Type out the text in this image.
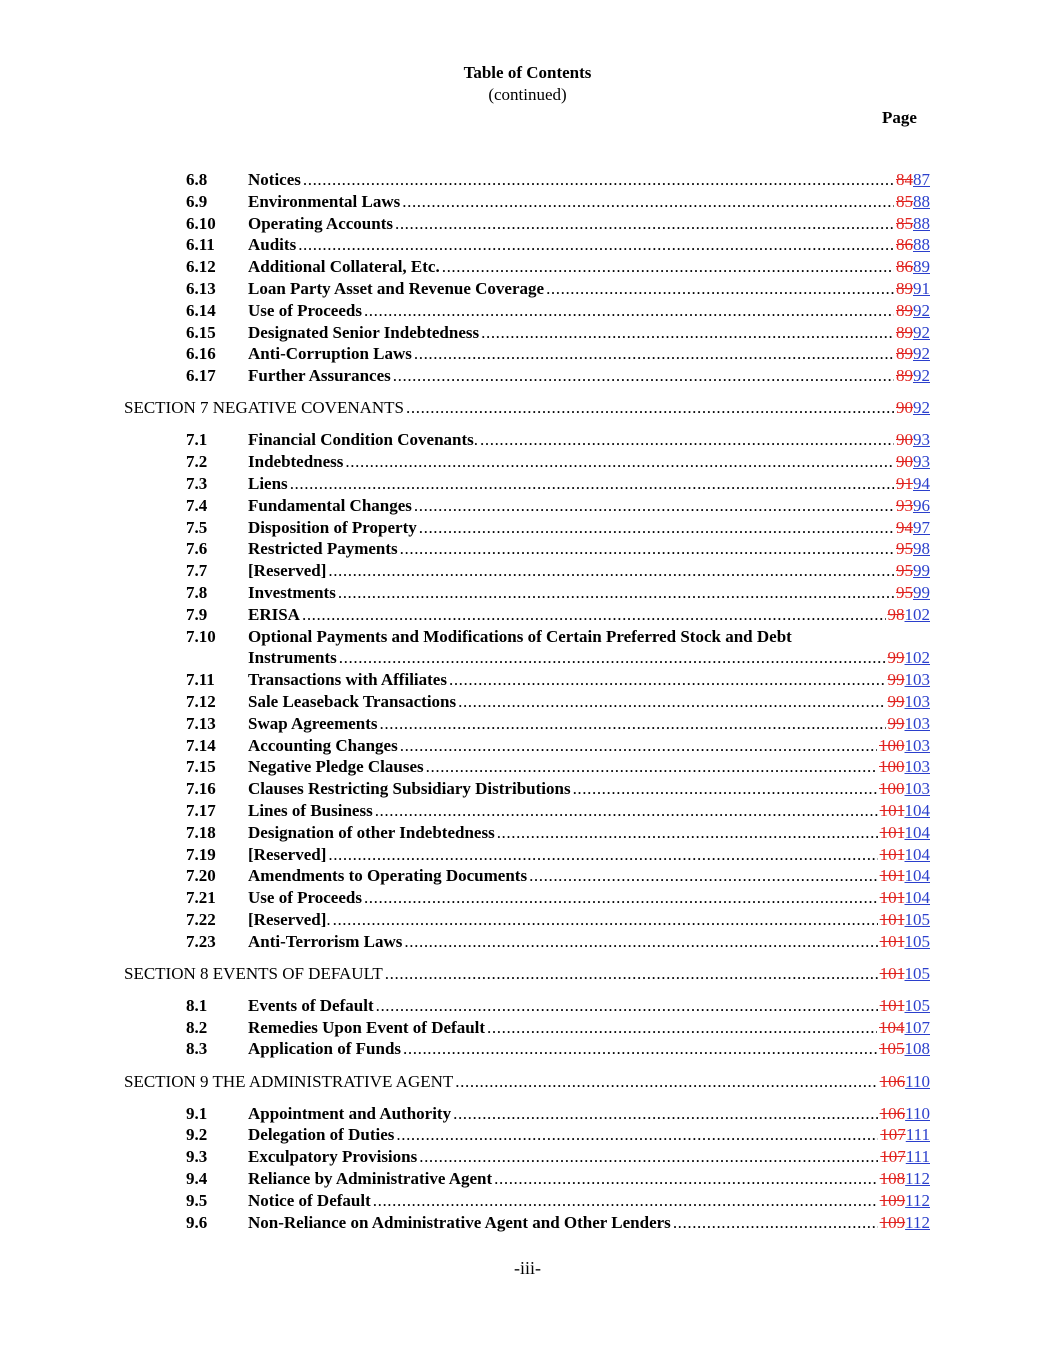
Table of Contents
(continued)
Page
6.8 Notices .....	8487
6.9 Environmental Laws .....	8588
6.10 Operating Accounts .....	8588
6.11 Audits .....	8688
6.12 Additional Collateral, Etc. .....	8689
6.13 Loan Party Asset and Revenue Coverage .....	8991
6.14 Use of Proceeds .....	8992
6.15 Designated Senior Indebtedness .....	8992
6.16 Anti-Corruption Laws .....	8992
6.17 Further Assurances .....	8992
SECTION 7 NEGATIVE COVENANTS .....	9092
7.1 Financial Condition Covenants. .....	9093
7.2 Indebtedness .....	9093
7.3 Liens .....	9194
7.4 Fundamental Changes .....	9396
7.5 Disposition of Property .....	9497
7.6 Restricted Payments .....	9598
7.7 [Reserved] .....	9599
7.8 Investments .....	9599
7.9 ERISA .....	98102
7.10 Optional Payments and Modifications of Certain Preferred Stock and Debt
Instruments .....	99102
7.11 Transactions with Affiliates .....	99103
7.12 Sale Leaseback Transactions .....	99103
7.13 Swap Agreements .....	99103
7.14 Accounting Changes .....	100103
7.15 Negative Pledge Clauses .....	100103
7.16 Clauses Restricting Subsidiary Distributions .....	100103
7.17 Lines of Business .....	101104
7.18 Designation of other Indebtedness .....	101104
7.19 [Reserved] .....	101104
7.20 Amendments to Operating Documents .....	101104
7.21 Use of Proceeds .....	101104
7.22 [Reserved]. .....	101105
7.23 Anti-Terrorism Laws .....	101105
SECTION 8 EVENTS OF DEFAULT .....	101105
8.1 Events of Default .....	101105
8.2 Remedies Upon Event of Default .....	104107
8.3 Application of Funds .....	105108
SECTION 9 THE ADMINISTRATIVE AGENT .....	106110
9.1 Appointment and Authority .....	106110
9.2 Delegation of Duties .....	107111
9.3 Exculpatory Provisions .....	107111
9.4 Reliance by Administrative Agent .....	108112
9.5 Notice of Default .....	109112
9.6 Non-Reliance on Administrative Agent and Other Lenders .....	109112
-iii-
